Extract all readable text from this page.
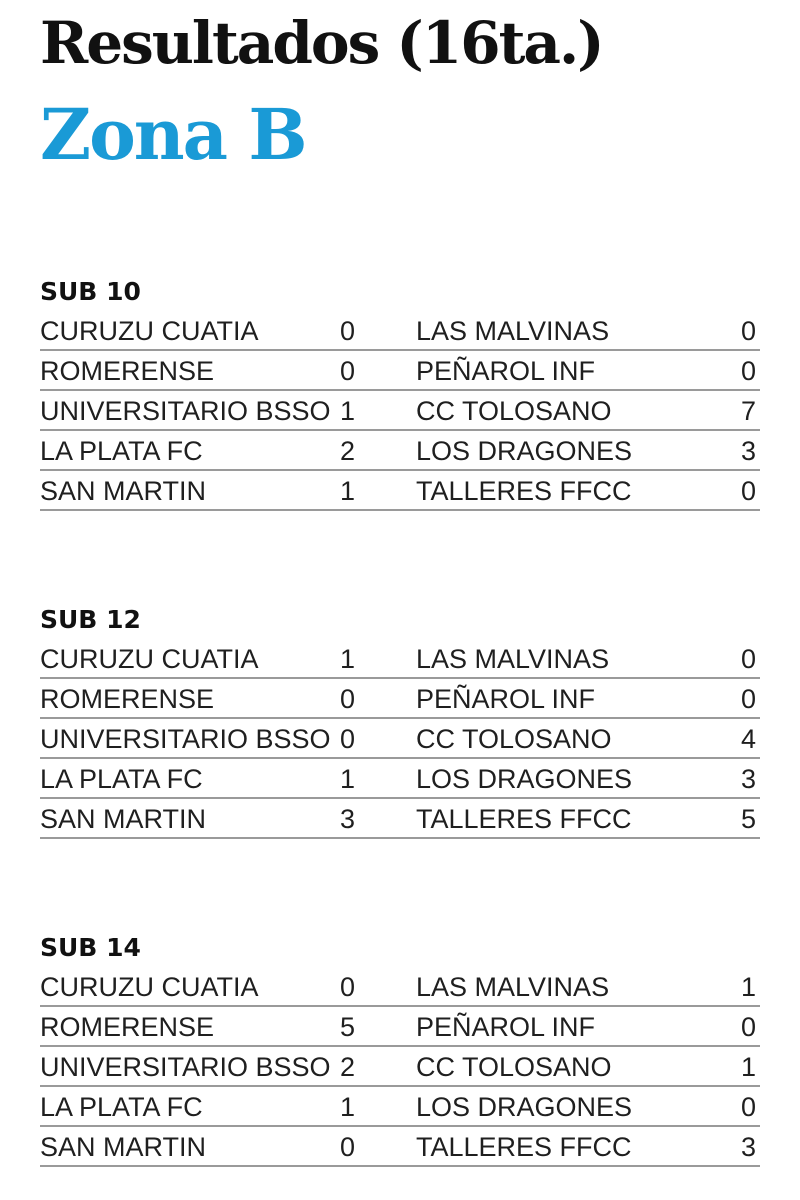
Resultados (16ta.)
Zona B
SUB 10
CURUZU CUATIA	0 LAS MALVINAS	0
ROMERENSE	0 PEÑAROL INF	0
UNIVERSITARIO BSSO 1 CC TOLOSANO	7
LA PLATA FC	2 LOS DRAGONES	3
SAN MARTIN	1 TALLERES FFCC	0
SUB 12
CURUZU CUATIA	1 LAS MALVINAS	0
ROMERENSE	0 PEÑAROL INF	0
UNIVERSITARIO BSSO 0 CC TOLOSANO	4
LA PLATA FC	1 LOS DRAGONES	3
SAN MARTIN	3 TALLERES FFCC	5
SUB 14
CURUZU CUATIA	0 LAS MALVINAS	1
ROMERENSE	5 PEÑAROL INF	0
UNIVERSITARIO BSSO 2 CC TOLOSANO	1
LA PLATA FC	1 LOS DRAGONES	0
SAN MARTIN	0 TALLERES FFCC	3
